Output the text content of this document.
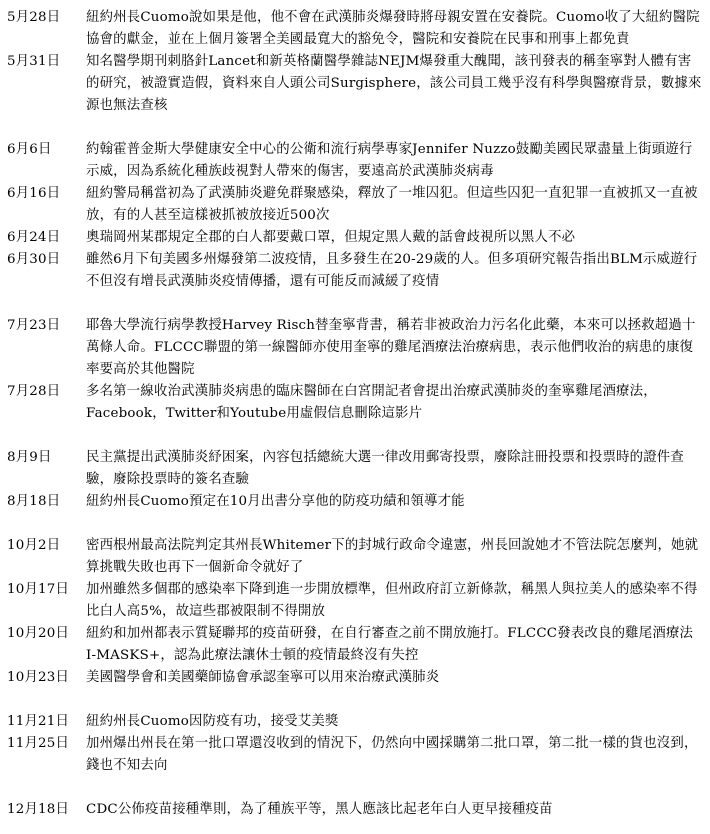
5月28日	紐約州長Cuomo說如果是他，他不會在武漢肺炎爆發時將母親安置在安養院。Cuomo收了大紐約醫院協會的獻金，並在上個月簽署全美國最寬大的豁免令，醫院和安養院在民事和刑事上都免責
5月31日	知名醫學期刊刺胳針Lancet和新英格蘭醫學雜誌NEJM爆發重大醜聞，該刊發表的稱奎寧對人體有害的研究，被證實造假，資料來自人頭公司Surgisphere，該公司員工幾乎沒有科學與醫療背景，數據來源也無法查核
6月6日	約翰霍普金斯大學健康安全中心的公衛和流行病學專家Jennifer Nuzzo鼓勵美國民眾盡量上街頭遊行示威，因為系統化種族歧視對人帶來的傷害，要遠高於武漢肺炎病毒
6月16日	紐約警局稱當初為了武漢肺炎避免群聚感染，釋放了一堆囚犯。但這些囚犯一直犯罪一直被抓又一直被放，有的人甚至這樣被抓被放接近500次
6月24日	奧瑞岡州某郡規定全郡的白人都要戴口罩，但規定黑人戴的話會歧視所以黑人不必
6月30日	雖然6月下旬美國多州爆發第二波疫情，且多發生在20-29歲的人。但多項研究報告指出BLM示威遊行不但沒有增長武漢肺炎疫情傳播，還有可能反而減緩了疫情
7月23日	耶魯大學流行病學教授Harvey Risch替奎寧背書，稱若非被政治力污名化此藥，本來可以拯救超過十萬條人命。FLCCC聯盟的第一線醫師亦使用奎寧的雞尾酒療法治療病患，表示他們收治的病患的康復率要高於其他醫院
7月28日	多名第一線收治武漢肺炎病患的臨床醫師在白宮開記者會提出治療武漢肺炎的奎寧雞尾酒療法，Facebook，Twitter和Youtube用虛假信息刪除這影片
8月9日	民主黨提出武漢肺炎紓困案，內容包括總統大選一律改用郵寄投票，廢除註冊投票和投票時的證件查驗，廢除投票時的簽名查驗
8月18日	紐約州長Cuomo預定在10月出書分享他的防疫功績和領導才能
10月2日	密西根州最高法院判定其州長Whitemer下的封城行政命令違憲，州長回說她才不管法院怎麼判，她就算挑戰失敗也再下一個新命令就好了
10月17日	加州雖然多個郡的感染率下降到進一步開放標準，但州政府訂立新條款，稱黑人與拉美人的感染率不得比白人高5%，故這些郡被限制不得開放
10月20日	紐約和加州都表示質疑聯邦的疫苗研發，在自行審查之前不開放施打。FLCCC發表改良的雞尾酒療法I-MASKS+，認為此療法讓休士頓的疫情最終沒有失控
10月23日	美國醫學會和美國藥師協會承認奎寧可以用來治療武漢肺炎
11月21日	紐約州長Cuomo因防疫有功，接受艾美獎
11月25日	加州爆出州長在第一批口罩還沒收到的情況下，仍然向中國採購第二批口罩，第二批一樣的貨也沒到，錢也不知去向
12月18日	CDC公佈疫苗接種準則，為了種族平等，黑人應該比起老年白人更早接種疫苗
